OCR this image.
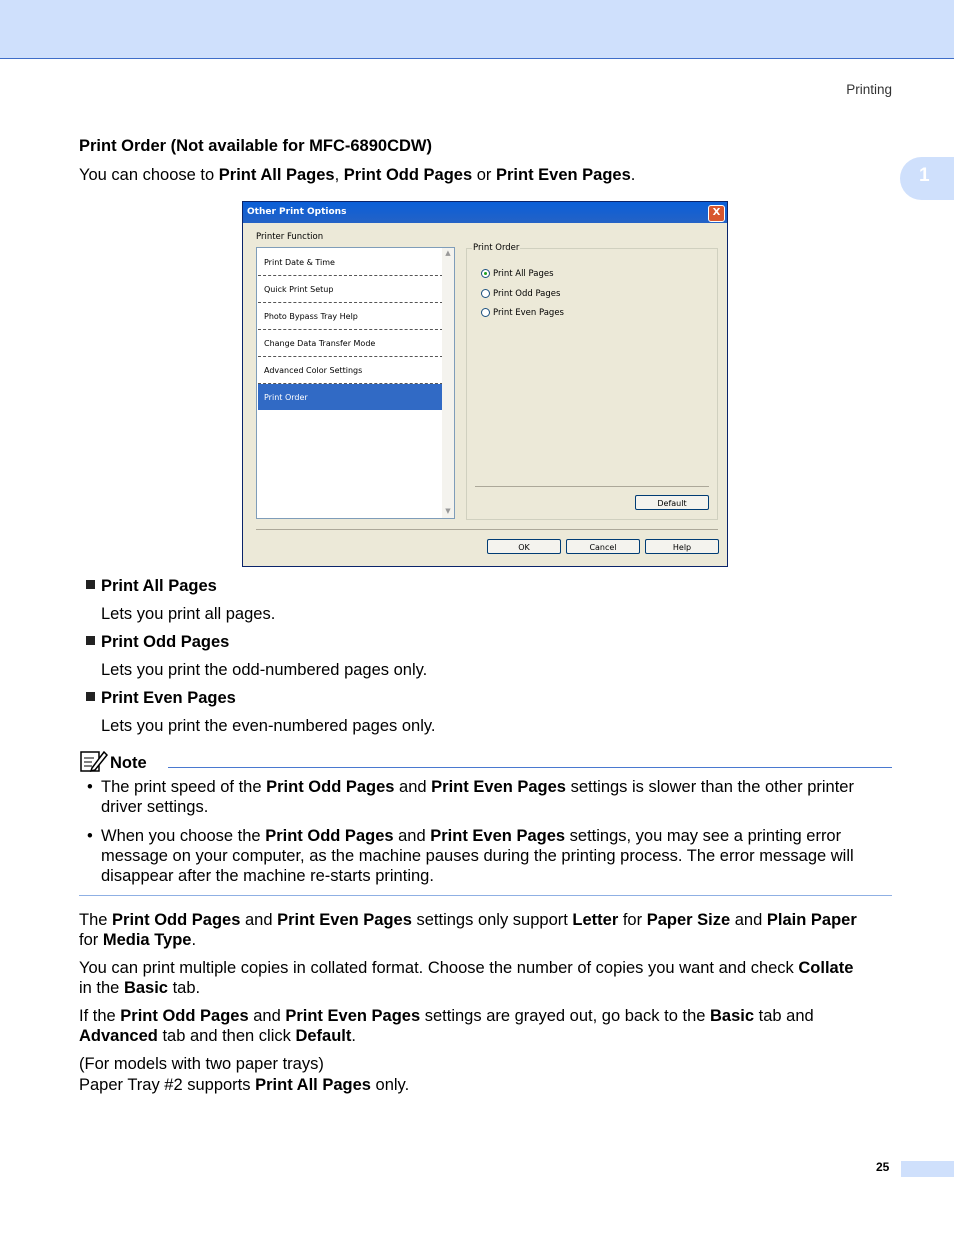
Printing
1
Print Order (Not available for MFC-6890CDW)
You can choose to Print All Pages, Print Odd Pages or Print Even Pages.
Other Print Options	X
Printer Function
Print Date & Time
Quick Print Setup
Photo Bypass Tray Help
Change Data Transfer Mode
Advanced Color Settings
Print Order
▲
▼
Print Order
Print All Pages
Print Odd Pages
Print Even Pages
Default
OK	Cancel	Help
Print All Pages
Lets you print all pages.
Print Odd Pages
Lets you print the odd-numbered pages only.
Print Even Pages
Lets you print the even-numbered pages only.
Note
• The print speed of the Print Odd Pages and Print Even Pages settings is slower than the other printer
driver settings.
• When you choose the Print Odd Pages and Print Even Pages settings, you may see a printing error
message on your computer, as the machine pauses during the printing process. The error message will
disappear after the machine re-starts printing.
The Print Odd Pages and Print Even Pages settings only support Letter for Paper Size and Plain Paper
for Media Type.
You can print multiple copies in collated format. Choose the number of copies you want and check Collate
in the Basic tab.
If the Print Odd Pages and Print Even Pages settings are grayed out, go back to the Basic tab and
Advanced tab and then click Default.
(For models with two paper trays)
Paper Tray #2 supports Print All Pages only.
25
